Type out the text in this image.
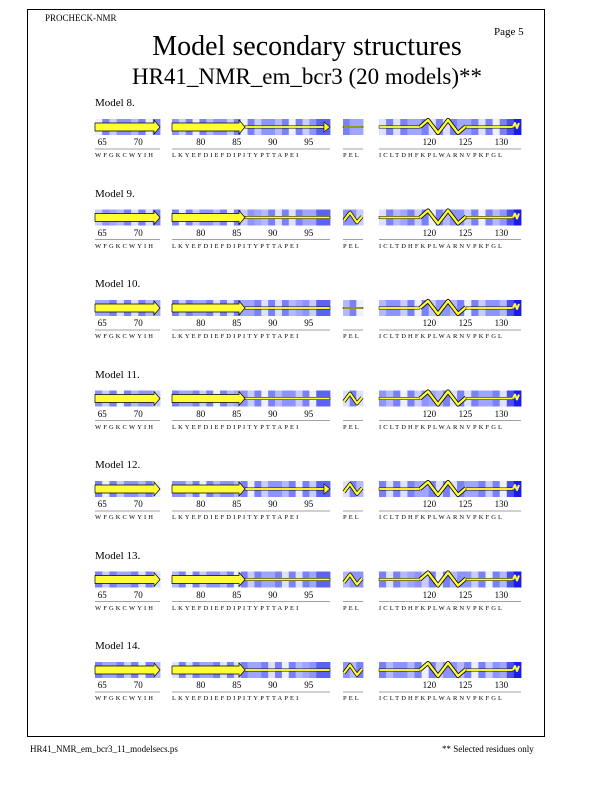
PROCHECK-NMR
Page 5
Model secondary structures
HR41_NMR_em_bcr3 (20 models)**
Model 8.
65	70
WFGKCWYIH
80	85	90	95
LKYEFDIEFDIPITYPTTAPEI	PEL
120	125	130
ICLTDHFKPLWARNVPKFGL
Model 9.
65	70
WFGKCWYIH
80	85	90	95
LKYEFDIEFDIPITYPTTAPEI	PEL
120	125	130
ICLTDHFKPLWARNVPKFGL
Model 10.
65	70
WFGKCWYIH
80	85	90	95
LKYEFDIEFDIPITYPTTAPEI	PEL
120	125	130
ICLTDHFKPLWARNVPKFGL
Model 11.
65	70
WFGKCWYIH
80	85	90	95
LKYEFDIEFDIPITYPTTAPEI	PEL
120	125	130
ICLTDHFKPLWARNVPKFGL
Model 12.
65	70
WFGKCWYIH
80	85	90	95
LKYEFDIEFDIPITYPTTAPEI	PEL
120	125	130
ICLTDHFKPLWARNVPKFGL
Model 13.
65	70
WFGKCWYIH
80	85	90	95
LKYEFDIEFDIPITYPTTAPEI	PEL
120	125	130
ICLTDHFKPLWARNVPKFGL
Model 14.
65	70
WFGKCWYIH
80	85	90	95
LKYEFDIEFDIPITYPTTAPEI	PEL
120	125	130
ICLTDHFKPLWARNVPKFGL
HR41_NMR_em_bcr3_11_modelsecs.ps	** Selected residues only
